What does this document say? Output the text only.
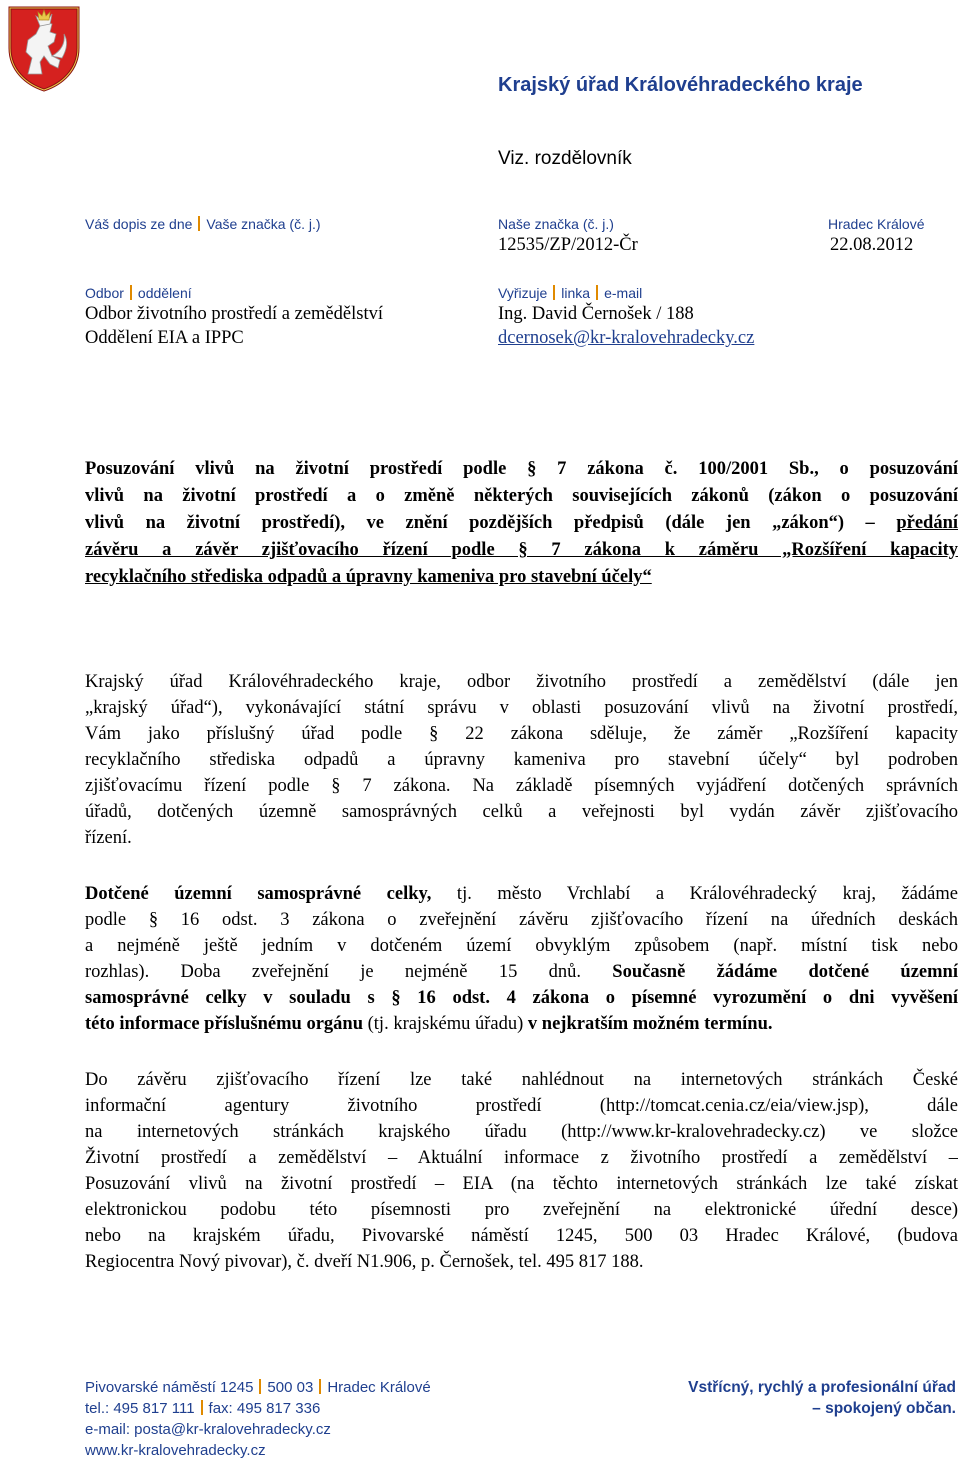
Krajský úřad Královéhradeckého kraje
Viz. rozdělovník
Váš dopis ze dne Vaše značka (č. j.)	Naše značka (č. j.)
12535/ZP/2012-Čr
Hradec Králové
22.08.2012
Odbor oddělení
Odbor životního prostředí a zemědělství
Oddělení EIA a IPPC
Vyřizuje linka e-mail
Ing. David Černošek / 188
dcernosek@kr-kralovehradecky.cz
Posuzování vlivů na životní prostředí podle § 7 zákona č. 100/2001 Sb., o posuzování
vlivů na životní prostředí a o změně některých souvisejících zákonů (zákon o posuzování
vlivů na životní prostředí), ve znění pozdějších předpisů (dále jen „zákon“) – předání
závěru a závěr zjišťovacího řízení podle § 7 zákona k záměru „Rozšíření kapacity
recyklačního střediska odpadů a úpravny kameniva pro stavební účely“
Krajský úřad Královéhradeckého kraje, odbor životního prostředí a zemědělství (dále jen
„krajský úřad“), vykonávající státní správu v oblasti posuzování vlivů na životní prostředí,
Vám jako příslušný úřad podle § 22 zákona sděluje, že záměr „Rozšíření kapacity
recyklačního střediska odpadů a úpravny kameniva pro stavební účely“ byl podroben
zjišťovacímu řízení podle § 7 zákona. Na základě písemných vyjádření dotčených správních
úřadů, dotčených územně samosprávných celků a veřejnosti byl vydán závěr zjišťovacího
řízení.
Dotčené územní samosprávné celky, tj. město Vrchlabí a Královéhradecký kraj, žádáme
podle § 16 odst. 3 zákona o zveřejnění závěru zjišťovacího řízení na úředních deskách
a nejméně ještě jedním v dotčeném území obvyklým způsobem (např. místní tisk nebo
rozhlas). Doba zveřejnění je nejméně 15 dnů. Současně žádáme dotčené územní
samosprávné celky v souladu s § 16 odst. 4 zákona o písemné vyrozumění o dni vyvěšení
této informace příslušnému orgánu (tj. krajskému úřadu) v nejkratším možném termínu.
Do závěru zjišťovacího řízení lze také nahlédnout na internetových stránkách České
informační agentury životního prostředí (http://tomcat.cenia.cz/eia/view.jsp), dále
na internetových stránkách krajského úřadu (http://www.kr-kralovehradecky.cz) ve složce
Životní prostředí a zemědělství – Aktuální informace z životního prostředí a zemědělství –
Posuzování vlivů na životní prostředí – EIA (na těchto internetových stránkách lze také získat
elektronickou podobu této písemnosti pro zveřejnění na elektronické úřední desce)
nebo na krajském úřadu, Pivovarské náměstí 1245, 500 03 Hradec Králové, (budova
Regiocentra Nový pivovar), č. dveří N1.906, p. Černošek, tel. 495 817 188.
Pivovarské náměstí 1245 500 03 Hradec Králové
tel.: 495 817 111 fax: 495 817 336
e-mail: posta@kr-kralovehradecky.cz
www.kr-kralovehradecky.cz
Vstřícný, rychlý a profesionální úřad
– spokojený občan.
